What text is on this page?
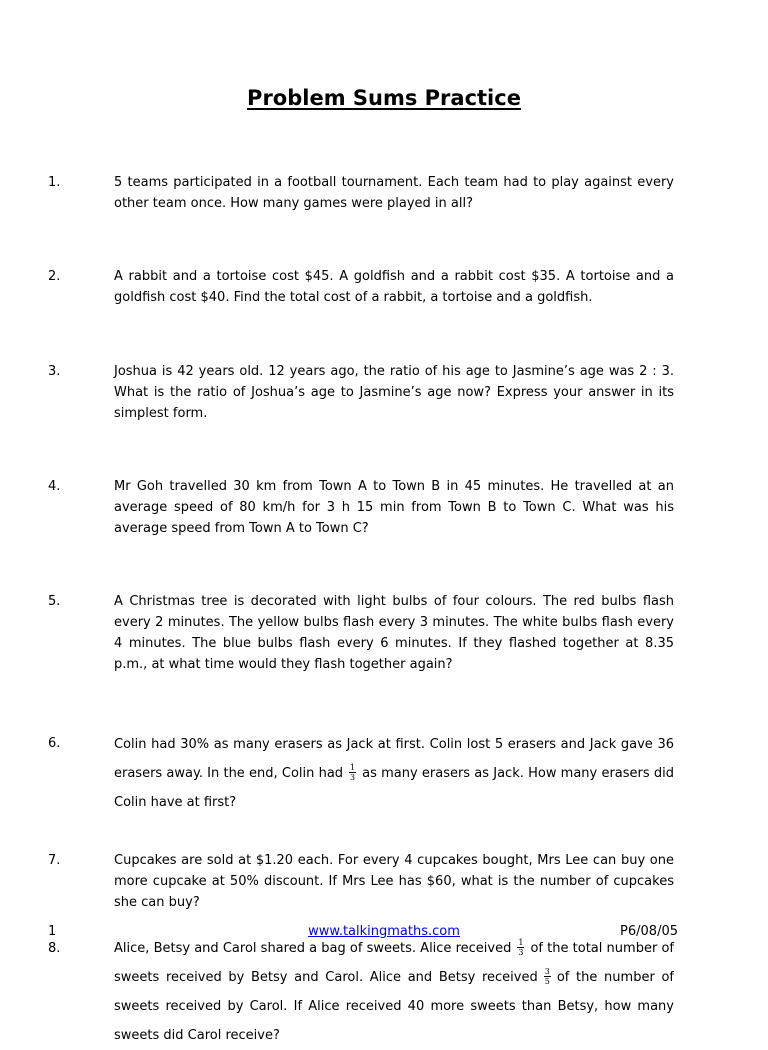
Problem Sums Practice
1.	5 teams participated in a football tournament. Each team had to play against every other team once. How many games were played in all?
2.	A rabbit and a tortoise cost $45. A goldfish and a rabbit cost $35. A tortoise and a goldfish cost $40. Find the total cost of a rabbit, a tortoise and a goldfish.
3.	Joshua is 42 years old. 12 years ago, the ratio of his age to Jasmine’s age was 2 : 3. What is the ratio of Joshua’s age to Jasmine’s age now? Express your answer in its simplest form.
4.	Mr Goh travelled 30 km from Town A to Town B in 45 minutes. He travelled at an average speed of 80 km/h for 3 h 15 min from Town B to Town C. What was his average speed from Town A to Town C?
5.	A Christmas tree is decorated with light bulbs of four colours. The red bulbs flash every 2 minutes. The yellow bulbs flash every 3 minutes. The white bulbs flash every 4 minutes. The blue bulbs flash every 6 minutes. If they flashed together at 8.35 p.m., at what time would they flash together again?
6.	Colin had 30% as many erasers as Jack at first. Colin lost 5 erasers and Jack gave 36 erasers away. In the end, Colin had $\frac{1}{3}$ as many erasers as Jack. How many erasers did Colin have at first?
7.	Cupcakes are sold at $1.20 each. For every 4 cupcakes bought, Mrs Lee can buy one more cupcake at 50% discount. If Mrs Lee has $60, what is the number of cupcakes she can buy?
8.	Alice, Betsy and Carol shared a bag of sweets. Alice received $\frac{1}{3}$ of the total number of sweets received by Betsy and Carol. Alice and Betsy received $\frac{3}{5}$ of the number of sweets received by Carol. If Alice received 40 more sweets than Betsy, how many sweets did Carol receive?
1	www.talkingmaths.com	P6/08/05
